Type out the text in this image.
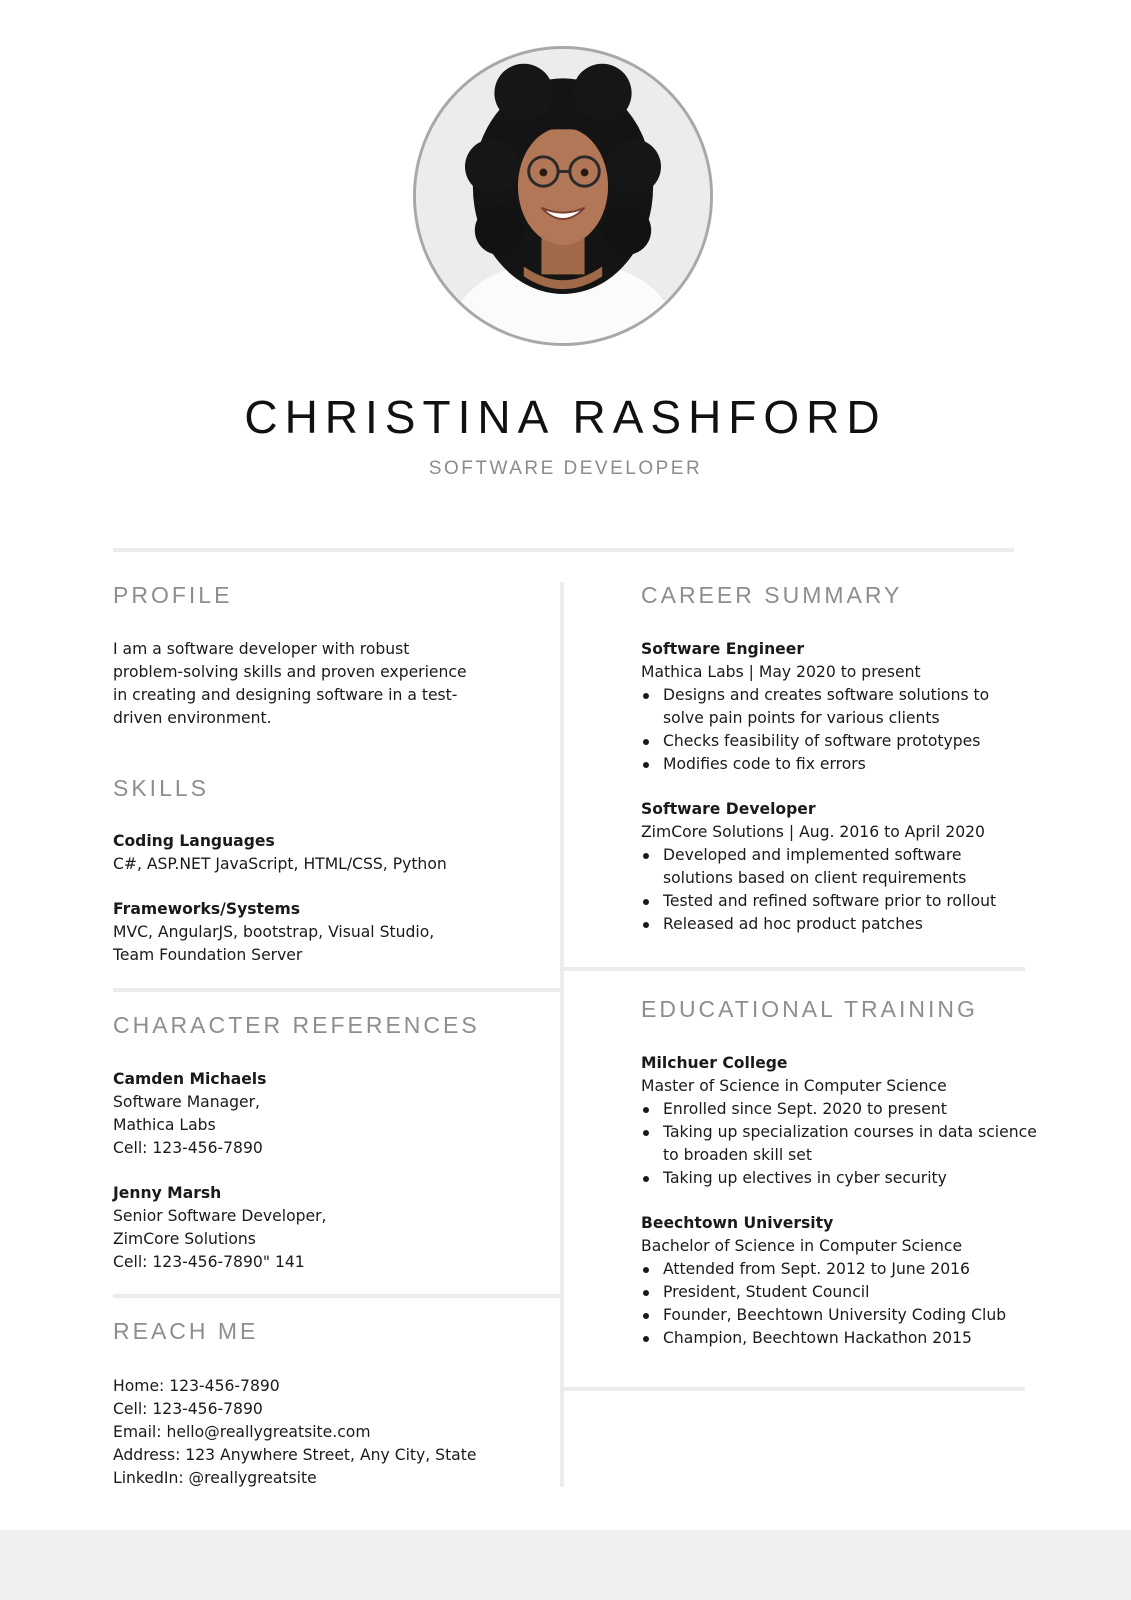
CHRISTINA RASHFORD
SOFTWARE DEVELOPER
PROFILE

I am a software developer with robust problem-solving skills and proven experience in creating and designing software in a test-driven environment.

SKILLS

Coding Languages

C#, ASP.NET JavaScript, HTML/CSS, Python

Frameworks/Systems

MVC, AngularJS, bootstrap, Visual Studio, Team Foundation Server

CHARACTER REFERENCES

Camden Michaels

Software Manager,

Mathica Labs

Cell: 123-456-7890

Jenny Marsh

Senior Software Developer,

ZimCore Solutions

Cell: 123-456-7890" 141

REACH ME

Home: 123-456-7890

Cell: 123-456-7890

Email: hello@reallygreatsite.com

Address: 123 Anywhere Street, Any City, State

LinkedIn: @reallygreatsite

CAREER SUMMARY

Software Engineer

Mathica Labs | May 2020 to present

Designs and creates software solutions to solve pain points for various clients
Checks feasibility of software prototypes
Modifies code to fix errors

Software Developer

ZimCore Solutions | Aug. 2016 to April 2020

Developed and implemented software solutions based on client requirements
Tested and refined software prior to rollout
Released ad hoc product patches
EDUCATIONAL TRAINING

Milchuer College

Master of Science in Computer Science

Enrolled since Sept. 2020 to present
Taking up specialization courses in data science to broaden skill set
Taking up electives in cyber security

Beechtown University

Bachelor of Science in Computer Science

Attended from Sept. 2012 to June 2016
President, Student Council
Founder, Beechtown University Coding Club
Champion, Beechtown Hackathon 2015
